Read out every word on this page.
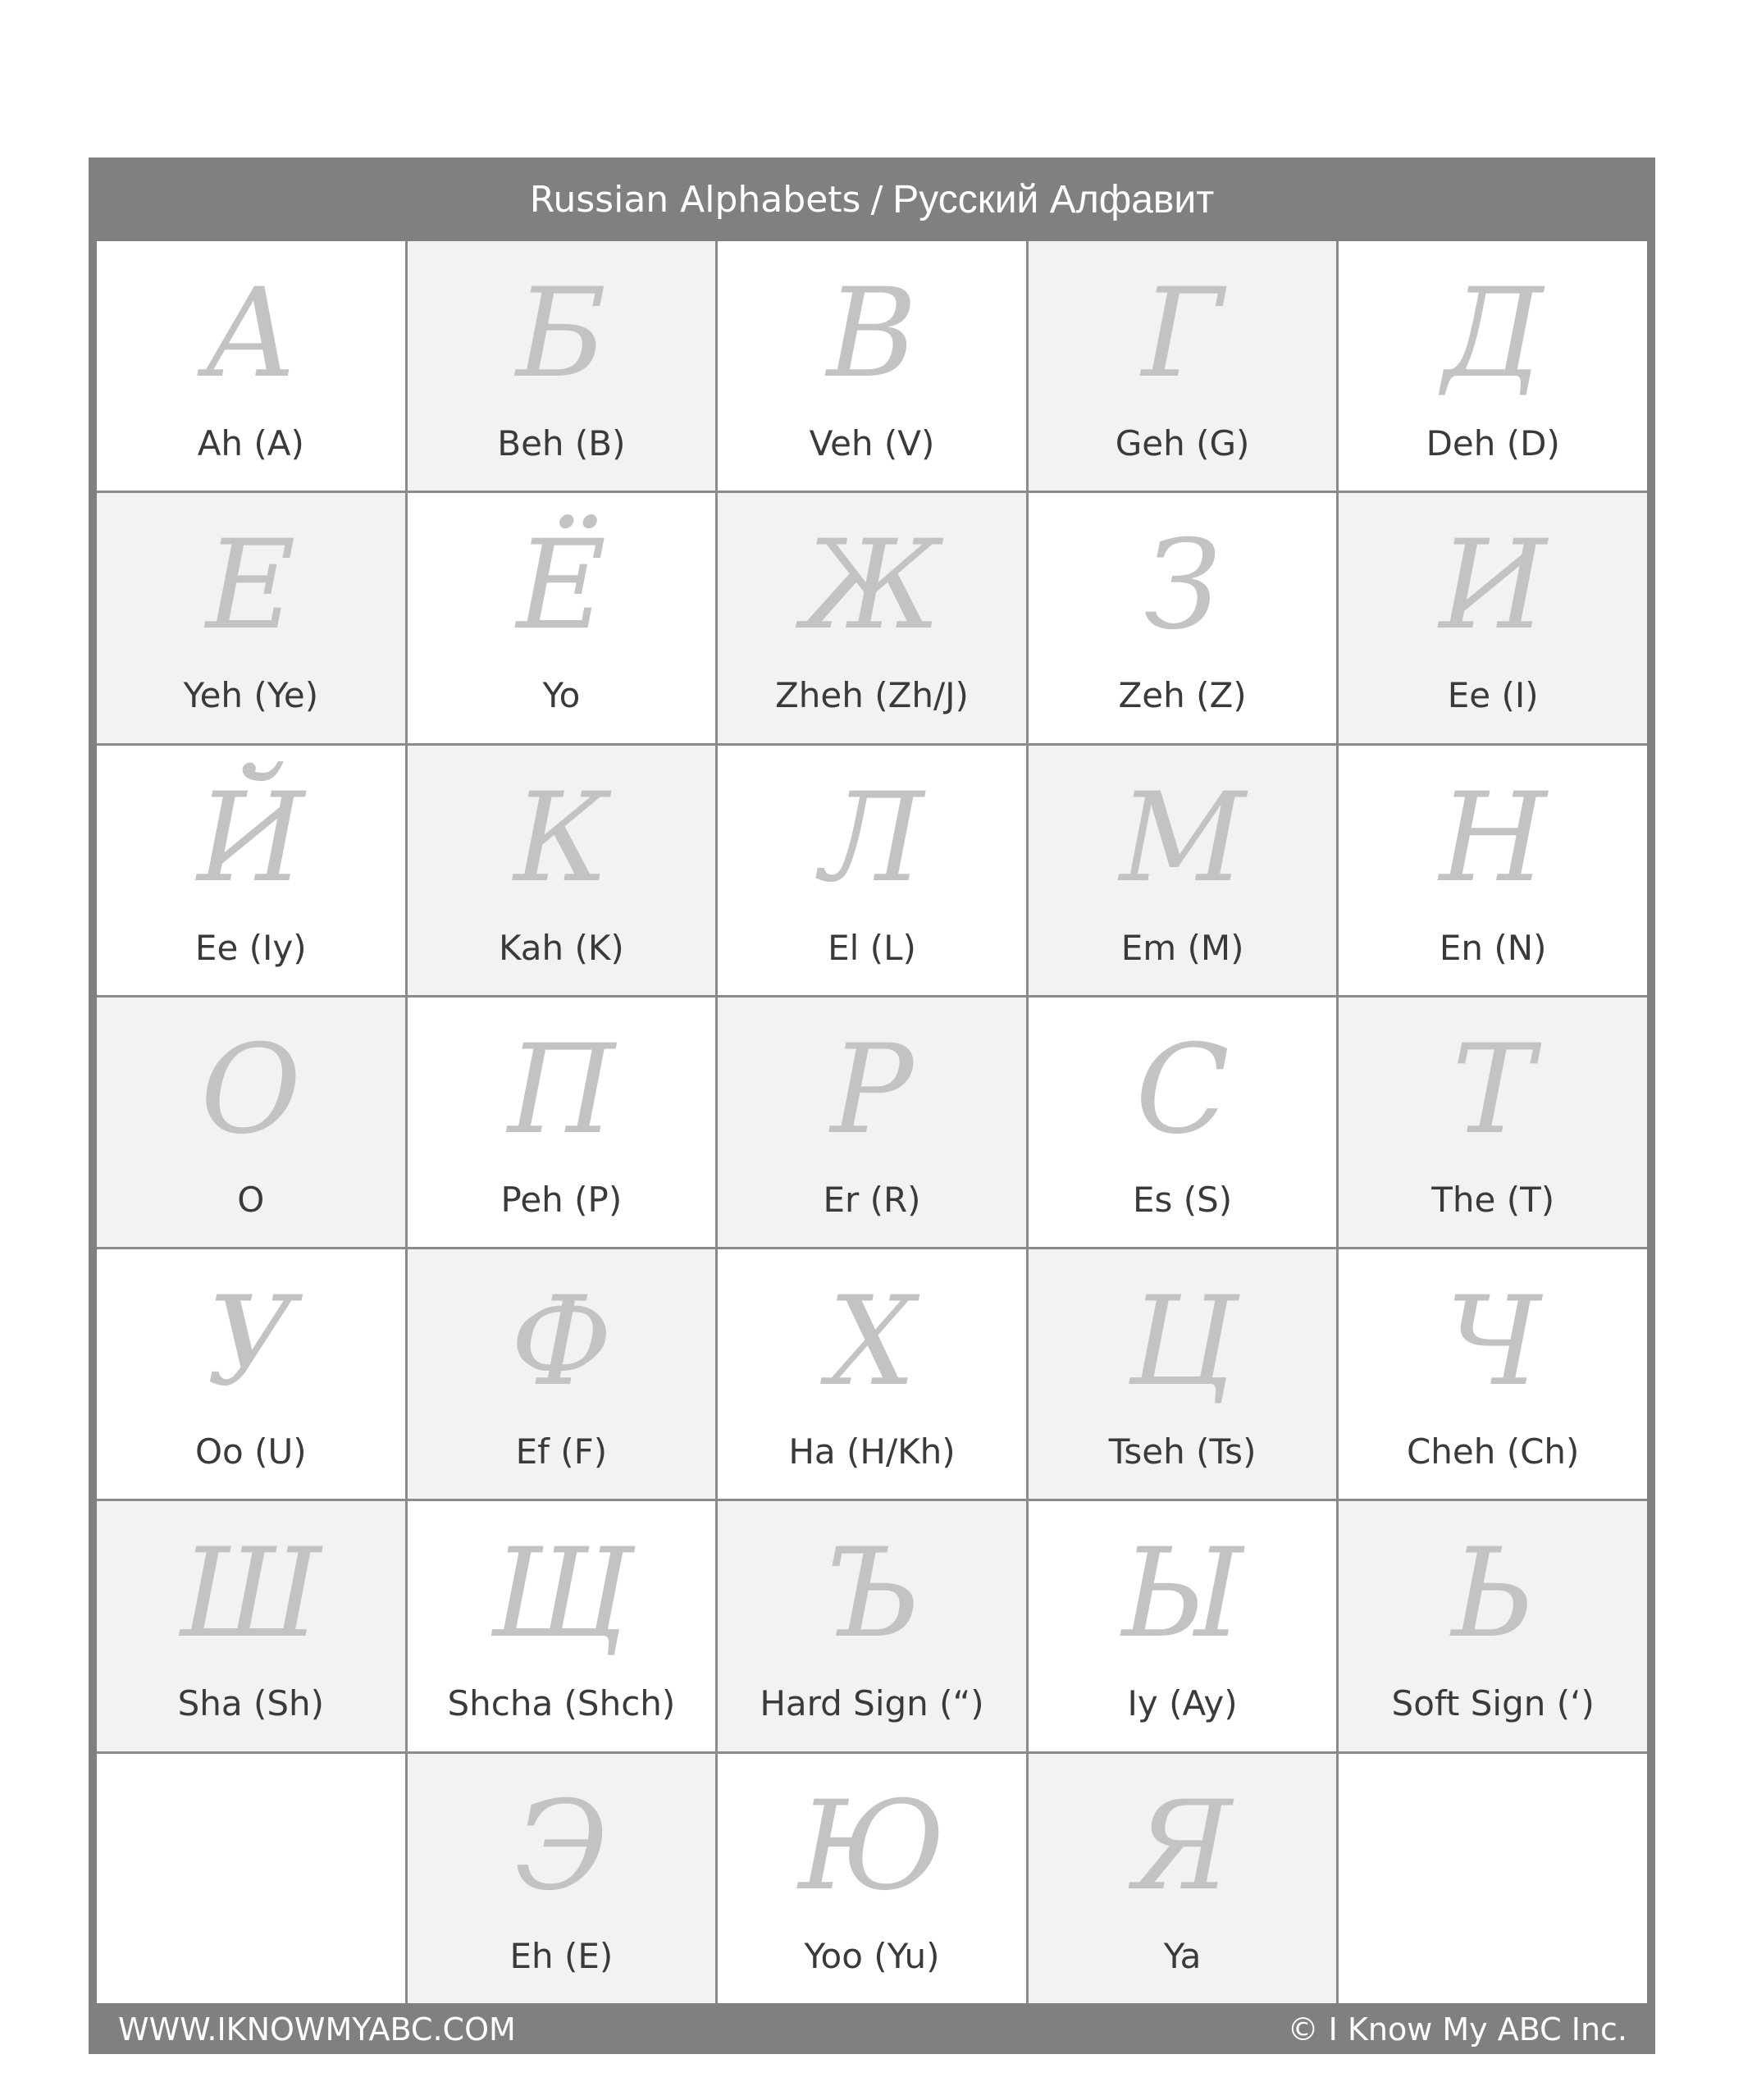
Russian Alphabets / Русский Алфавит
А
Ah (A)
Б
Beh (B)
В
Veh (V)
Г
Geh (G)
Д
Deh (D)
Е
Yeh (Ye)
Ё
Yo
Ж
Zheh (Zh/J)
З
Zeh (Z)
И
Ee (I)
Й
Ee (Iy)
К
Kah (K)
Л
El (L)
М
Em (M)
Н
En (N)
О
O
П
Peh (P)
Р
Er (R)
С
Es (S)
Т
The (T)
У
Oo (U)
Ф
Ef (F)
Х
Ha (H/Kh)
Ц
Tseh (Ts)
Ч
Cheh (Ch)
Ш
Sha (Sh)
Щ
Shcha (Shch)
Ъ
Hard Sign (“)
Ы
Iy (Ay)
Ь
Soft Sign (‘)
Э
Eh (E)
Ю
Yoo (Yu)
Я
Ya
WWW.IKNOWMYABC.COM	© I Know My ABC Inc.
